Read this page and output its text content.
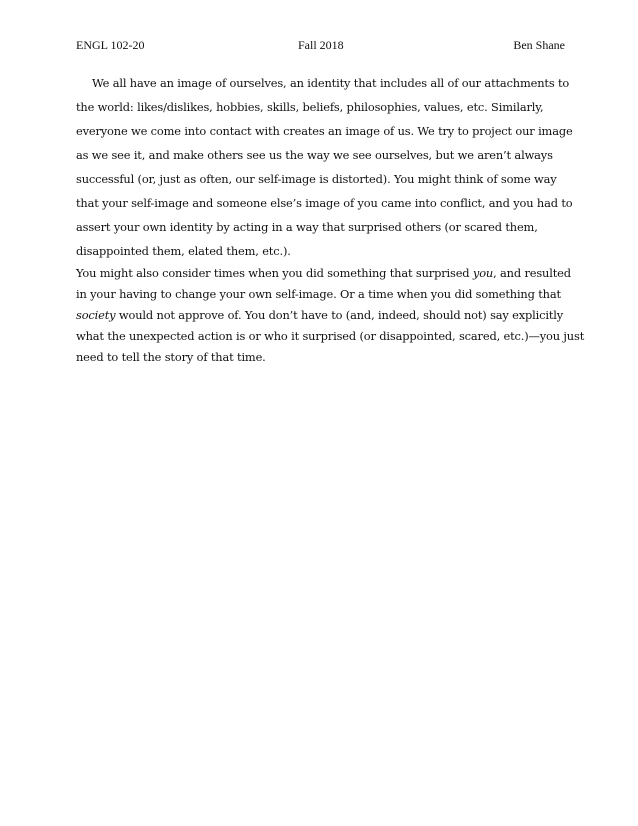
ENGL 102-20	Fall 2018	Ben Shane
We all have an image of ourselves, an identity that includes all of our attachments to
the world: likes/dislikes, hobbies, skills, beliefs, philosophies, values, etc. Similarly,
everyone we come into contact with creates an image of us. We try to project our image
as we see it, and make others see us the way we see ourselves, but we aren’t always
successful (or, just as often, our self-image is distorted). You might think of some way
that your self-image and someone else’s image of you came into conflict, and you had to
assert your own identity by acting in a way that surprised others (or scared them,
disappointed them, elated them, etc.).
You might also consider times when you did something that surprised you, and resulted
in your having to change your own self-image. Or a time when you did something that
society would not approve of. You don’t have to (and, indeed, should not) say explicitly
what the unexpected action is or who it surprised (or disappointed, scared, etc.)—you just
need to tell the story of that time.
